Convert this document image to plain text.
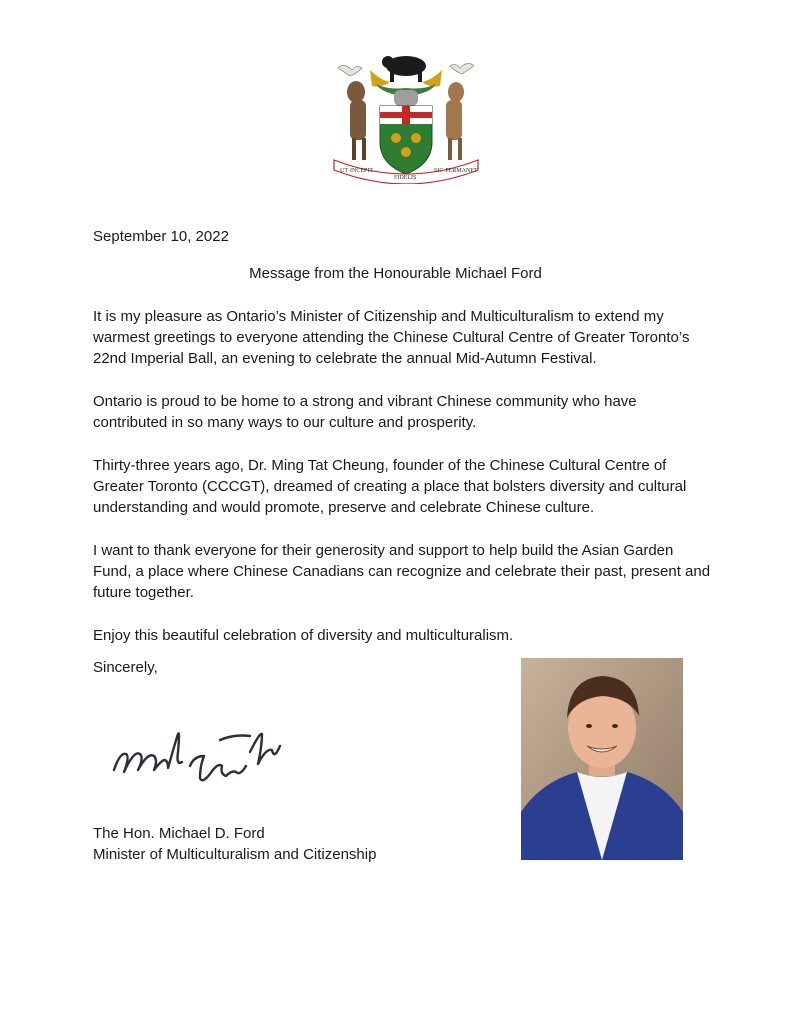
UT·INCEPIT
FIDELIS
SIC·PERMANET
September 10, 2022
Message from the Honourable Michael Ford

It is my pleasure as Ontario’s Minister of Citizenship and Multiculturalism to extend my warmest greetings to everyone attending the Chinese Cultural Centre of Greater Toronto’s 22nd Imperial Ball, an evening to celebrate the annual Mid-Autumn Festival.

Ontario is proud to be home to a strong and vibrant Chinese community who have contributed in so many ways to our culture and prosperity.

Thirty-three years ago, Dr. Ming Tat Cheung, founder of the Chinese Cultural Centre of Greater Toronto (CCCGT), dreamed of creating a place that bolsters diversity and cultural understanding and would promote, preserve and celebrate Chinese culture.

I want to thank everyone for their generosity and support to help build the Asian Garden Fund, a place where Chinese Canadians can recognize and celebrate their past, present and future together.

Enjoy this beautiful celebration of diversity and multiculturalism.

Sincerely,
The Hon. Michael D. Ford
Minister of Multiculturalism and Citizenship
